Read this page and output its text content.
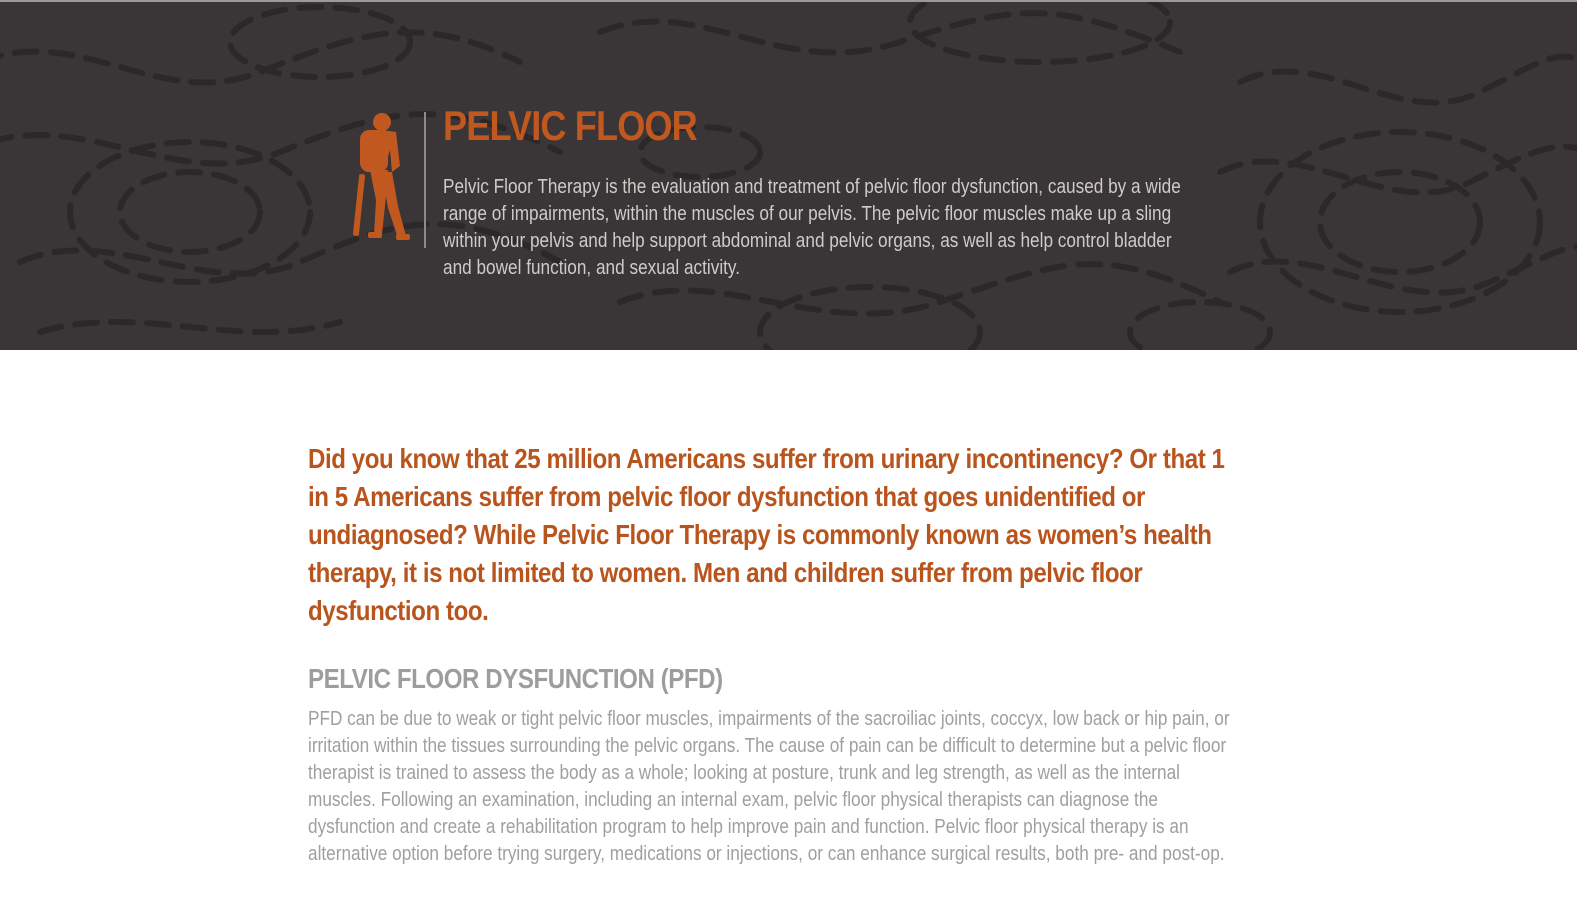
PELVIC FLOOR

Pelvic Floor Therapy is the evaluation and treatment of pelvic floor dysfunction, caused by a wide range of impairments, within the muscles of our pelvis. The pelvic floor muscles make up a sling within your pelvis and help support abdominal and pelvic organs, as well as help control bladder and bowel function, and sexual activity.

Did you know that 25 million Americans suffer from urinary incontinency? Or that 1 in 5 Americans suffer from pelvic floor dysfunction that goes unidentified or undiagnosed? While Pelvic Floor Therapy is commonly known as women’s health therapy, it is not limited to women. Men and children suffer from pelvic floor dysfunction too.

PELVIC FLOOR DYSFUNCTION (PFD)

PFD can be due to weak or tight pelvic floor muscles, impairments of the sacroiliac joints, coccyx, low back or hip pain, or irritation within the tissues surrounding the pelvic organs. The cause of pain can be difficult to determine but a pelvic floor therapist is trained to assess the body as a whole; looking at posture, trunk and leg strength, as well as the internal muscles. Following an examination, including an internal exam, pelvic floor physical therapists can diagnose the dysfunction and create a rehabilitation program to help improve pain and function. Pelvic floor physical therapy is an alternative option before trying surgery, medications or injections, or can enhance surgical results, both pre- and post-op.
